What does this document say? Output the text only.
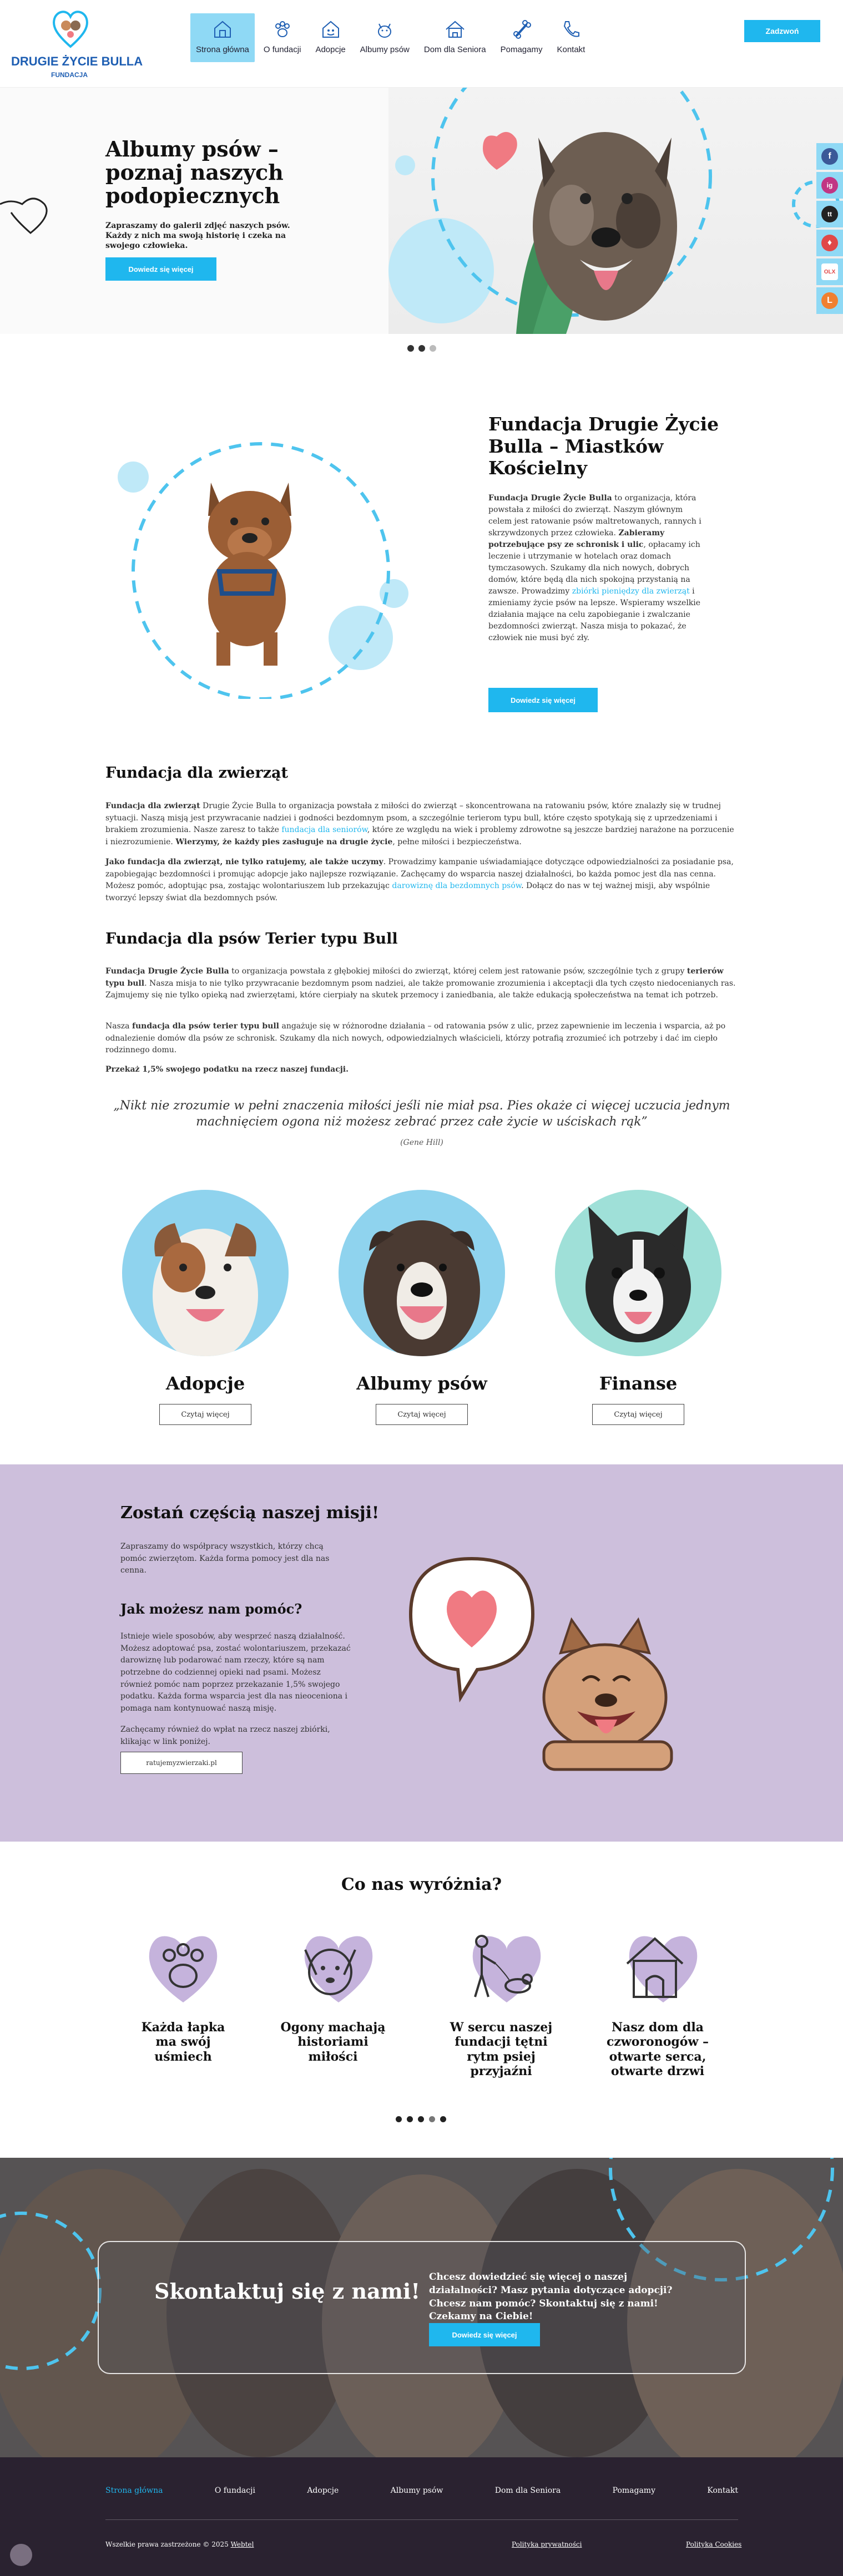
DRUGIE ŻYCIE BULLA
FUNDACJA
Strona główna O fundacji Adopcje Albumy psów Dom dla Seniora Pomagamy Kontakt
Zadzwoń
Albumy psów – poznaj naszych podopiecznych

Zapraszamy do galerii zdjęć naszych psów. Każdy z nich ma swoją historię i czeka na swojego człowieka.

Dowiedz się więcej
f
ig
tt
♦
OLX
L
Fundacja Drugie Życie Bulla – Miastków Kościelny

Fundacja Drugie Życie Bulla to organizacja, która powstała z miłości do zwierząt. Naszym głównym celem jest ratowanie psów maltretowanych, rannych i skrzywdzonych przez człowieka. Zabieramy potrzebujące psy ze schronisk i ulic, opłacamy ich leczenie i utrzymanie w hotelach oraz domach tymczasowych. Szukamy dla nich nowych, dobrych domów, które będą dla nich spokojną przystanią na zawsze. Prowadzimy zbiórki pieniędzy dla zwierząt i zmieniamy życie psów na lepsze. Wspieramy wszelkie działania mające na celu zapobieganie i zwalczanie bezdomności zwierząt. Nasza misja to pokazać, że człowiek nie musi być zły.

Dowiedz się więcej
Fundacja dla zwierząt

Fundacja dla zwierząt Drugie Życie Bulla to organizacja powstała z miłości do zwierząt – skoncentrowana na ratowaniu psów, które znalazły się w trudnej sytuacji. Naszą misją jest przywracanie nadziei i godności bezdomnym psom, a szczególnie terierom typu bull, które często spotykają się z uprzedzeniami i brakiem zrozumienia. Nasze zaresz to także fundacja dla seniorów, które ze względu na wiek i problemy zdrowotne są jeszcze bardziej narażone na porzucenie i niezrozumienie. Wierzymy, że każdy pies zasługuje na drugie życie, pełne miłości i bezpieczeństwa.

Jako fundacja dla zwierząt, nie tylko ratujemy, ale także uczymy. Prowadzimy kampanie uświadamiające dotyczące odpowiedzialności za posiadanie psa, zapobiegając bezdomności i promując adopcje jako najlepsze rozwiązanie. Zachęcamy do wsparcia naszej działalności, bo każda pomoc jest dla nas cenna. Możesz pomóc, adoptując psa, zostając wolontariuszem lub przekazując darowiznę dla bezdomnych psów. Dołącz do nas w tej ważnej misji, aby wspólnie tworzyć lepszy świat dla bezdomnych psów.

Fundacja dla psów Terier typu Bull

Fundacja Drugie Życie Bulla to organizacja powstała z głębokiej miłości do zwierząt, której celem jest ratowanie psów, szczególnie tych z grupy terierów typu bull. Nasza misja to nie tylko przywracanie bezdomnym psom nadziei, ale także promowanie zrozumienia i akceptacji dla tych często niedocenianych ras. Zajmujemy się nie tylko opieką nad zwierzętami, które cierpiały na skutek przemocy i zaniedbania, ale także edukacją społeczeństwa na temat ich potrzeb.

Nasza fundacja dla psów terier typu bull angażuje się w różnorodne działania – od ratowania psów z ulic, przez zapewnienie im leczenia i wsparcia, aż po odnalezienie domów dla psów ze schronisk. Szukamy dla nich nowych, odpowiedzialnych właścicieli, którzy potrafią zrozumieć ich potrzeby i dać im ciepło rodzinnego domu.

Przekaż 1,5% swojego podatku na rzecz naszej fundacji.

„Nikt nie zrozumie w pełni znaczenia miłości jeśli nie miał psa. Pies okaże ci więcej uczucia jednym machnięciem ogona niż możesz zebrać przez całe życie w uściskach rąk”

(Gene Hill)

Adopcje
Czytaj więcej
Albumy psów
Czytaj więcej
Finanse
Czytaj więcej
Zostań częścią naszej misji!

Zapraszamy do współpracy wszystkich, którzy chcą pomóc zwierzętom. Każda forma pomocy jest dla nas cenna.

Jak możesz nam pomóc?

Istnieje wiele sposobów, aby wesprzeć naszą działalność. Możesz adoptować psa, zostać wolontariuszem, przekazać darowiznę lub podarować nam rzeczy, które są nam potrzebne do codziennej opieki nad psami. Możesz również pomóc nam poprzez przekazanie 1,5% swojego podatku. Każda forma wsparcia jest dla nas nieoceniona i pomaga nam kontynuować naszą misję.

Zachęcamy również do wpłat na rzecz naszej zbiórki, klikając w link poniżej.

ratujemyzwierzaki.pl
Co nas wyróżnia?
Każda łapka ma swój uśmiech
Ogony machają historiami miłości
W sercu naszej fundacji tętni rytm psiej przyjaźni
Nasz dom dla czworonogów – otwarte serca, otwarte drzwi
Skontaktuj się z nami!

Chcesz dowiedzieć się więcej o naszej działalności? Masz pytania dotyczące adopcji? Chcesz nam pomóc? Skontaktuj się z nami! Czekamy na Ciebie!

Dowiedz się więcej
Strona główna	O fundacji	Adopcje	Albumy psów	Dom dla Seniora	Pomagamy	Kontakt

Wszelkie prawa zastrzeżone © 2025 Webtel	Polityka prywatności	Polityka Cookies
